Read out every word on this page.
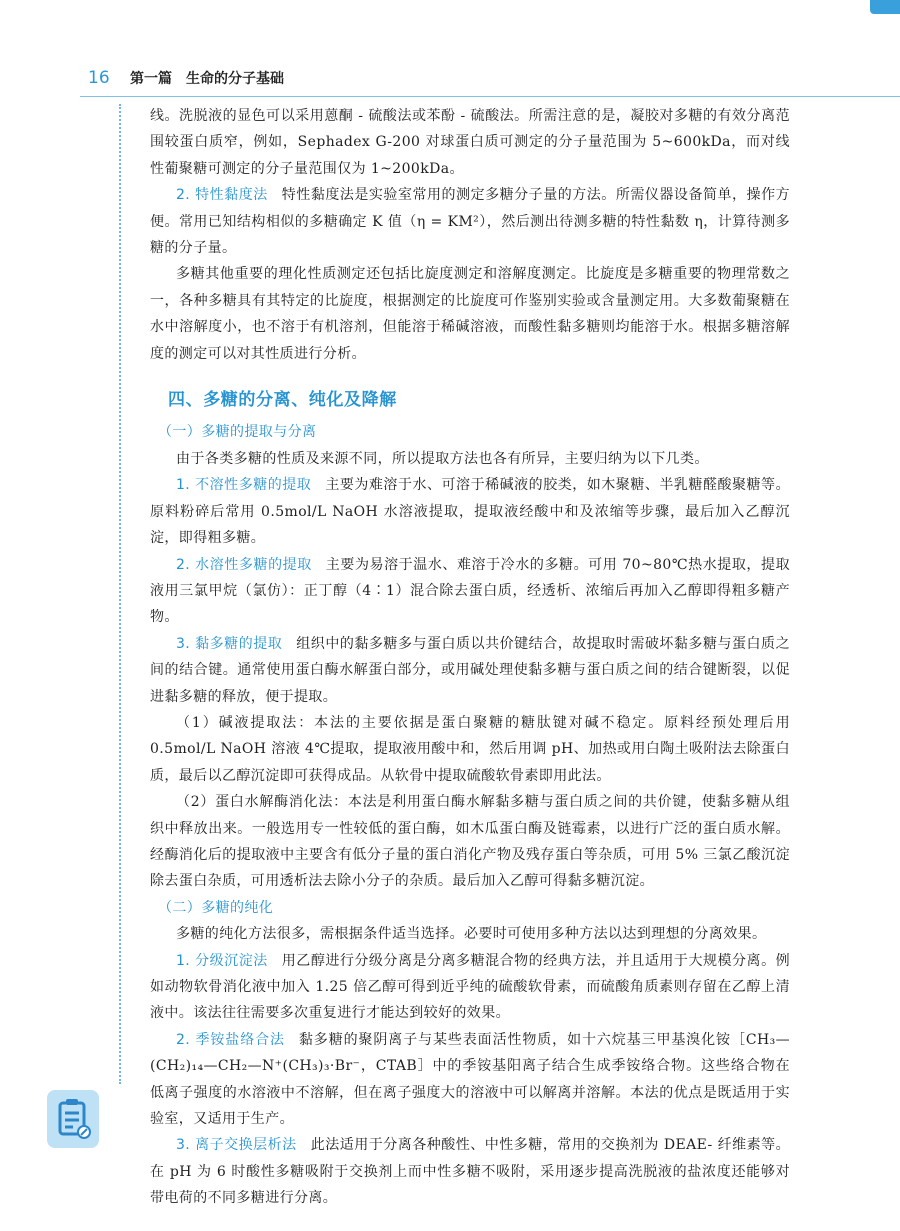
16 第一篇　生命的分子基础

线。洗脱液的显色可以采用蒽酮 - 硫酸法或苯酚 - 硫酸法。所需注意的是，凝胶对多糖的有效分离范围较蛋白质窄，例如，Sephadex G-200 对球蛋白质可测定的分子量范围为 5~600kDa，而对线性葡聚糖可测定的分子量范围仅为 1~200kDa。

2. 特性黏度法 特性黏度法是实验室常用的测定多糖分子量的方法。所需仪器设备简单，操作方便。常用已知结构相似的多糖确定 K 值（η = KM²），然后测出待测多糖的特性黏数 η，计算待测多糖的分子量。

多糖其他重要的理化性质测定还包括比旋度测定和溶解度测定。比旋度是多糖重要的物理常数之一，各种多糖具有其特定的比旋度，根据测定的比旋度可作鉴别实验或含量测定用。大多数葡聚糖在水中溶解度小，也不溶于有机溶剂，但能溶于稀碱溶液，而酸性黏多糖则均能溶于水。根据多糖溶解度的测定可以对其性质进行分析。

四、多糖的分离、纯化及降解

（一）多糖的提取与分离

由于各类多糖的性质及来源不同，所以提取方法也各有所异，主要归纳为以下几类。

1. 不溶性多糖的提取 主要为难溶于水、可溶于稀碱液的胶类，如木聚糖、半乳糖醛酸聚糖等。原料粉碎后常用 0.5mol/L NaOH 水溶液提取，提取液经酸中和及浓缩等步骤，最后加入乙醇沉淀，即得粗多糖。

2. 水溶性多糖的提取 主要为易溶于温水、难溶于冷水的多糖。可用 70~80℃热水提取，提取液用三氯甲烷（氯仿）：正丁醇（4∶1）混合除去蛋白质，经透析、浓缩后再加入乙醇即得粗多糖产物。

3. 黏多糖的提取 组织中的黏多糖多与蛋白质以共价键结合，故提取时需破坏黏多糖与蛋白质之间的结合键。通常使用蛋白酶水解蛋白部分，或用碱处理使黏多糖与蛋白质之间的结合键断裂，以促进黏多糖的释放，便于提取。

（1）碱液提取法：本法的主要依据是蛋白聚糖的糖肽键对碱不稳定。原料经预处理后用 0.5mol/L NaOH 溶液 4℃提取，提取液用酸中和，然后用调 pH、加热或用白陶土吸附法去除蛋白质，最后以乙醇沉淀即可获得成品。从软骨中提取硫酸软骨素即用此法。

（2）蛋白水解酶消化法：本法是利用蛋白酶水解黏多糖与蛋白质之间的共价键，使黏多糖从组织中释放出来。一般选用专一性较低的蛋白酶，如木瓜蛋白酶及链霉素，以进行广泛的蛋白质水解。经酶消化后的提取液中主要含有低分子量的蛋白消化产物及残存蛋白等杂质，可用 5% 三氯乙酸沉淀除去蛋白杂质，可用透析法去除小分子的杂质。最后加入乙醇可得黏多糖沉淀。

（二）多糖的纯化

多糖的纯化方法很多，需根据条件适当选择。必要时可使用多种方法以达到理想的分离效果。

1. 分级沉淀法 用乙醇进行分级分离是分离多糖混合物的经典方法，并且适用于大规模分离。例如动物软骨消化液中加入 1.25 倍乙醇可得到近乎纯的硫酸软骨素，而硫酸角质素则存留在乙醇上清液中。该法往往需要多次重复进行才能达到较好的效果。

2. 季铵盐络合法 黏多糖的聚阴离子与某些表面活性物质，如十六烷基三甲基溴化铵［CH₃—(CH₂)₁₄—CH₂—N⁺(CH₃)₃·Br⁻，CTAB］中的季铵基阳离子结合生成季铵络合物。这些络合物在低离子强度的水溶液中不溶解，但在离子强度大的溶液中可以解离并溶解。本法的优点是既适用于实验室，又适用于生产。

3. 离子交换层析法 此法适用于分离各种酸性、中性多糖，常用的交换剂为 DEAE- 纤维素等。在 pH 为 6 时酸性多糖吸附于交换剂上而中性多糖不吸附，采用逐步提高洗脱液的盐浓度还能够对带电荷的不同多糖进行分离。
